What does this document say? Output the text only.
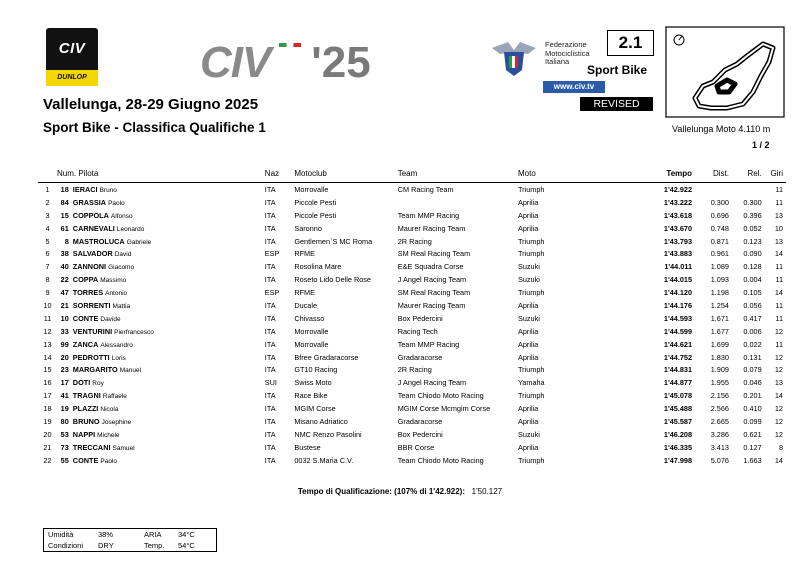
CIV
DUNLOP	CIV '25	Federazione
Motociclistica
Italiana
www.civ.tv
2.1
Sport Bike
REVISED
Vallelunga, 28-29 Giugno 2025
Sport Bike - Classifica Qualifiche 1	Vallelunga Moto 4.110 m
1 / 2
	Num. Pilota		Naz	Motoclub	Team	Moto	Tempo	Dist.	Rel.	Giri
1	18	IERACI Bruno	ITA	Morrovalle	CM Racing Team	Triumph	1'42.922			11
2	84	GRASSIA Paolo	ITA	Piccole Pesti		Aprilia	1'43.222	0.300	0.300	11
3	15	COPPOLA Alfonso	ITA	Piccole Pesti	Team MMP Racing	Aprilia	1'43.618	0.696	0.396	13
4	61	CARNEVALI Leonardo	ITA	Saronno	Maurer Racing Team	Aprilia	1'43.670	0.748	0.052	10
5	8	MASTROLUCA Gabriele	ITA	Gentlemen`S MC Roma	2R Racing	Triumph	1'43.793	0.871	0.123	13
6	38	SALVADOR David	ESP	RFME	SM Real Racing Team	Triumph	1'43.883	0.961	0.090	14
7	40	ZANNONI Giacomo	ITA	Rosolina Mare	E&E Squadra Corse	Suzuki	1'44.011	1.089	0.128	11
8	22	COPPA Massimo	ITA	Roseto Lido Delle Rose	J Angel Racing Team	Suzuki	1'44.015	1.093	0.004	11
9	47	TORRES Antonio	ESP	RFME	SM Real Racing Team	Triumph	1'44.120	1.198	0.105	14
10	21	SORRENTI Mattia	ITA	Ducale	Maurer Racing Team	Aprilia	1'44.176	1.254	0.056	11
11	10	CONTE Davide	ITA	Chivasso	Box Pedercini	Suzuki	1'44.593	1.671	0.417	11
12	33	VENTURINI Pierfrancesco	ITA	Morrovalle	Racing Tech	Aprilia	1'44.599	1.677	0.006	12
13	99	ZANCA Alessandro	ITA	Morrovalle	Team MMP Racing	Aprilia	1'44.621	1.699	0.022	11
14	20	PEDROTTI Loris	ITA	Bfree Gradaracorse	Gradaracorse	Aprilia	1'44.752	1.830	0.131	12
15	23	MARGARITO Manuel	ITA	GT10 Racing	2R Racing	Triumph	1'44.831	1.909	0.079	12
16	17	DOTI Roy	SUI	Swiss Moto	J Angel Racing Team	Yamaha	1'44.877	1.955	0.046	13
17	41	TRAGNI Raffaele	ITA	Race Bike	Team Chiodo Moto Racing	Triumph	1'45.078	2.156	0.201	14
18	19	PLAZZI Nicola	ITA	MGIM Corse	MGIM Corse Mcmgim Corse	Aprilia	1'45.488	2.566	0.410	12
19	80	BRUNO Josephine	ITA	Misano Adriatico	Gradaracorse	Aprilia	1'45.587	2.665	0.099	12
20	53	NAPPI Michele	ITA	NMC Renzo Pasolini	Box Pedercini	Suzuki	1'46.208	3.286	0.621	12
21	73	TRECCANI Samuel	ITA	Bustese	BBR Corse	Aprilia	1'46.335	3.413	0.127	8
22	55	CONTE Paolo	ITA	0032 S.Maria C.V.	Team Chiodo Moto Racing	Triumph	1'47.998	5.076	1.663	14
Tempo di Qualificazione: (107% di 1'42.922): 1'50.127
Umidità	38%	ARIA	34°C
Condizioni	DRY	Temp.	54°C
